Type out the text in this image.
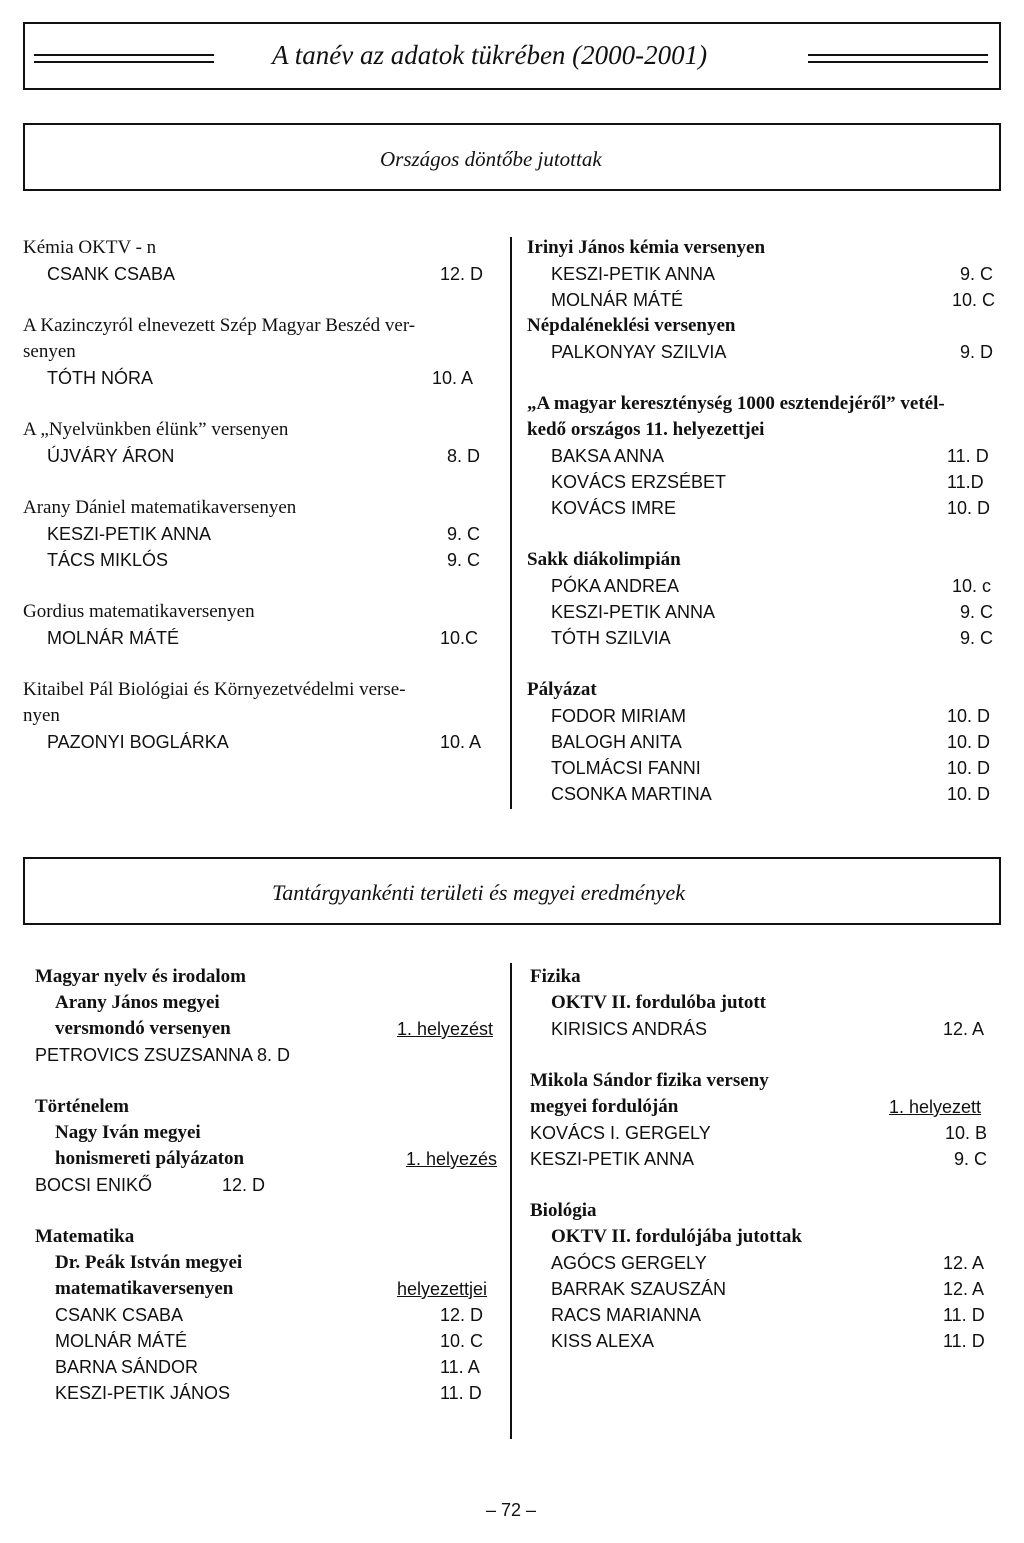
A tanév az adatok tükrében (2000-2001)
Országos döntőbe jutottak
Kémia OKTV - n
CSANK CSABA	12. D
A Kazinczyról elnevezett Szép Magyar Beszéd ver-
senyen
TÓTH NÓRA	10. A
A „Nyelvünkben élünk” versenyen
ÚJVÁRY ÁRON	8. D
Arany Dániel matematikaversenyen
KESZI-PETIK ANNA	9. C
TÁCS MIKLÓS	9. C
Gordius matematikaversenyen
MOLNÁR MÁTÉ	10.C
Kitaibel Pál Biológiai és Környezetvédelmi verse-
nyen
PAZONYI BOGLÁRKA	10. A
Irinyi János kémia versenyen
KESZI-PETIK ANNA	9. C
MOLNÁR MÁTÉ	10. C
Népdaléneklési versenyen
PALKONYAY SZILVIA	9. D
„A magyar kereszténység 1000 esztendejéről” vetél-
kedő országos 11. helyezettjei
BAKSA ANNA	11. D
KOVÁCS ERZSÉBET	11.D
KOVÁCS IMRE	10. D
Sakk diákolimpián
PÓKA ANDREA	10. c
KESZI-PETIK ANNA	9. C
TÓTH SZILVIA	9. C
Pályázat
FODOR MIRIAM	10. D
BALOGH ANITA	10. D
TOLMÁCSI FANNI	10. D
CSONKA MARTINA	10. D
Tantárgyankénti területi és megyei eredmények
Magyar nyelv és irodalom
Arany János megyei
versmondó versenyen	1. helyezést
PETROVICS ZSUZSANNA 8. D
Történelem
Nagy Iván megyei
honismereti pályázaton	1. helyezés
BOCSI ENIKŐ	12. D
Matematika
Dr. Peák István megyei
matematikaversenyen	helyezettjei
CSANK CSABA	12. D
MOLNÁR MÁTÉ	10. C
BARNA SÁNDOR	11. A
KESZI-PETIK JÁNOS	11. D
Fizika
OKTV II. fordulóba jutott
KIRISICS ANDRÁS	12. A
Mikola Sándor fizika verseny
megyei fordulóján	1. helyezett
KOVÁCS I. GERGELY	10. B
KESZI-PETIK ANNA	9. C
Biológia
OKTV II. fordulójába jutottak
AGÓCS GERGELY	12. A
BARRAK SZAUSZÁN	12. A
RACS MARIANNA	11. D
KISS ALEXA	11. D
– 72 –
